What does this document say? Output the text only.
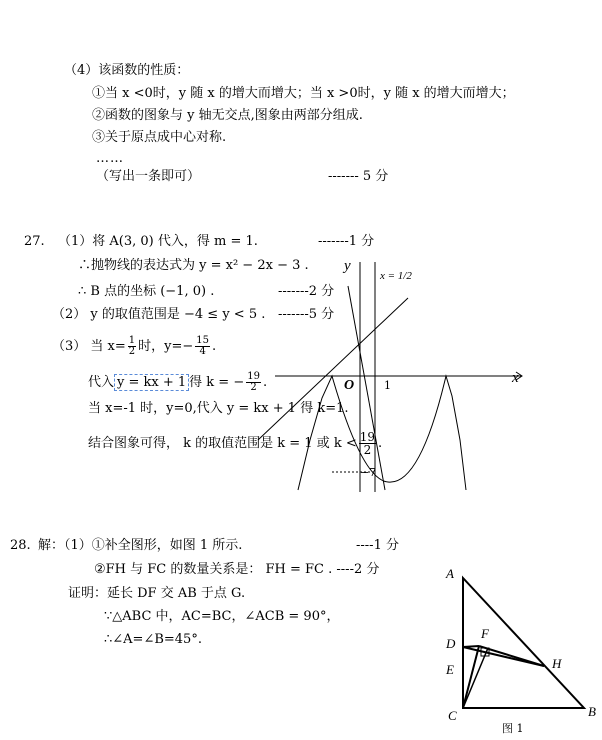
（4）该函数的性质：
①当 x <0时，y 随 x 的增大而增大；当 x >0时，y 随 x 的增大而增大；
②函数的图象与 y 轴无交点,图象由两部分组成.
③关于原点成中心对称.
……
（写出一条即可）	------- 5 分
27. （1）将 A(3, 0) 代入，得 m = 1.	-------1 分
∴抛物线的表达式为 y = x² − 2x − 3 .
∴ B 点的坐标 (−1, 0) .	-------2 分
（2） y 的取值范围是 −4 ≤ y < 5 . -------5 分
（3） 当 $x= \frac{1}{2}$ 时，$y=- \frac{15}{4}$ .
代入 y = kx + 1 得 k = − $\frac{19}{2}$ .
当 x=-1 时，y=0,代入 y = kx + 1 得 k=1.
结合图象可得， k 的取值范围是 k = 1 或 $k < \frac{19}{2}$ .
y
x = 1/2
x
O	1
−7
28. 解：（1）①补全图形，如图 1 所示.	----1 分
②FH 与 FC 的数量关系是： FH = FC . ----2 分
证明：延长 DF 交 AB 于点 G.
∵△ABC 中，AC=BC，∠ACB = 90°，
∴∠A=∠B=45°.
A
D
E
C
F
H
B
图 1
